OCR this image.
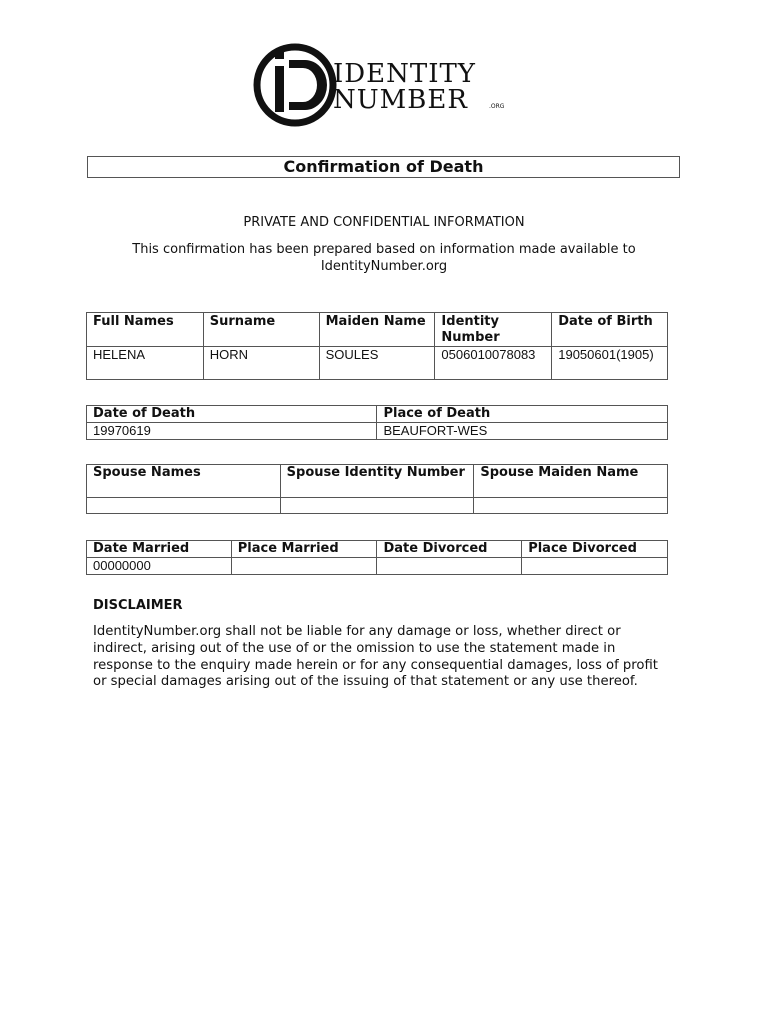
IDENTITY
NUMBER	.ORG
Confirmation of Death
PRIVATE AND CONFIDENTIAL INFORMATION
This confirmation has been prepared based on information made available to IdentityNumber.org
Full Names	Surname	Maiden Name	Identity Number	Date of Birth
HELENA	HORN	SOULES	0506010078083	19050601(1905)
Date of Death	Place of Death
19970619	BEAUFORT-WES
Spouse Names	Spouse Identity Number	Spouse Maiden Name

Date Married	Place Married	Date Divorced	Place Divorced
00000000			
DISCLAIMER
IdentityNumber.org shall not be liable for any damage or loss, whether direct or indirect, arising out of the use of or the omission to use the statement made in response to the enquiry made herein or for any consequential damages, loss of profit or special damages arising out of the issuing of that statement or any use thereof.
